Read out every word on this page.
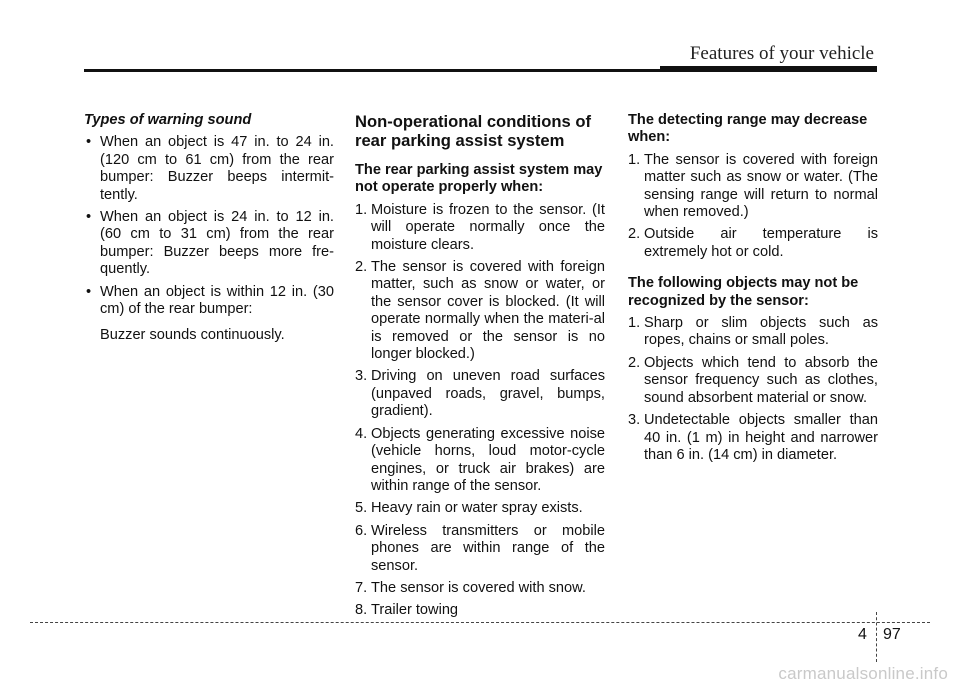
Features of your vehicle
Types of warning sound
• When an object is 47 in. to 24 in. (120 cm to 61 cm) from the rear bumper: Buzzer beeps intermit-tently.
• When an object is 24 in. to 12 in. (60 cm to 31 cm) from the rear bumper: Buzzer beeps more fre-quently.
• When an object is within 12 in. (30 cm) of the rear bumper:
Buzzer sounds continuously.
Non-operational conditions of rear parking assist system
The rear parking assist system may not operate properly when:
1. Moisture is frozen to the sensor. (It will operate normally once the moisture clears.
2. The sensor is covered with foreign matter, such as snow or water, or the sensor cover is blocked. (It will operate normally when the materi-al is removed or the sensor is no longer blocked.)
3. Driving on uneven road surfaces (unpaved roads, gravel, bumps, gradient).
4. Objects generating excessive noise (vehicle horns, loud motor-cycle engines, or truck air brakes) are within range of the sensor.
5. Heavy rain or water spray exists.
6. Wireless transmitters or mobile phones are within range of the sensor.
7. The sensor is covered with snow.
8. Trailer towing
The detecting range may decrease when:
1. The sensor is covered with foreign matter such as snow or water. (The sensing range will return to normal when removed.)
2. Outside air temperature is extremely hot or cold.
The following objects may not be recognized by the sensor:
1. Sharp or slim objects such as ropes, chains or small poles.
2. Objects which tend to absorb the sensor frequency such as clothes, sound absorbent material or snow.
3. Undetectable objects smaller than 40 in. (1 m) in height and narrower than 6 in. (14 cm) in diameter.
4 97
carmanualsonline.info
